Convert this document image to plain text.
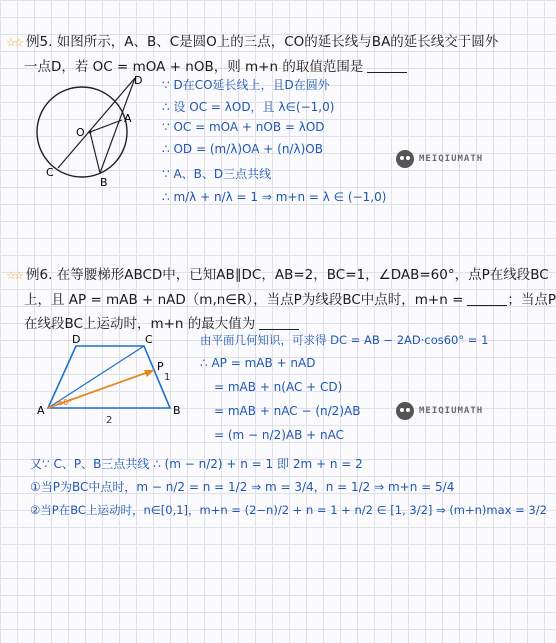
☆☆ 例5. 如图所示，A、B、C是圆O上的三点，CO的延长线与BA的延长线交于圆外
一点D，若 OC = mOA + nOB，则 m+n 的取值范围是
O
A
B
C
D ∵ D在CO延长线上，且D在圆外
∴ 设 OC = λOD，且 λ∈(−1,0)
∵ OC = mOA + nOB = λOD
∴ OD = (m/λ)OA + (n/λ)OB
∵ A、B、D三点共线
∴ m/λ + n/λ = 1 ⇒ m+n = λ ∈ (−1,0)
MEIQIUMATH
☆☆ 例6. 在等腰梯形ABCD中，已知AB∥DC，AB=2，BC=1，∠DAB=60°，点P在线段BC
上，且 AP = mAB + nAD（m,n∈R），当点P为线段BC中点时，m+n =	；当点P
在线段BC上运动时，m+n 的最大值为
A	B
C
D
P
2
1
60°
由平面几何知识，可求得 DC = AB − 2AD·cos60° = 1
∴ AP = mAB + nAD
= mAB + n(AC + CD)
= mAB + nAC − (n/2)AB
= (m − n/2)AB + nAC
MEIQIUMATH
又∵ C、P、B三点共线 ∴ (m − n/2) + n = 1 即 2m + n = 2
①当P为BC中点时，m − n/2 = n = 1/2 ⇒ m = 3/4，n = 1/2 ⇒ m+n = 5/4
②当P在BC上运动时，n∈[0,1]，m+n = (2−n)/2 + n = 1 + n/2 ∈ [1, 3/2] ⇒ (m+n)max = 3/2
